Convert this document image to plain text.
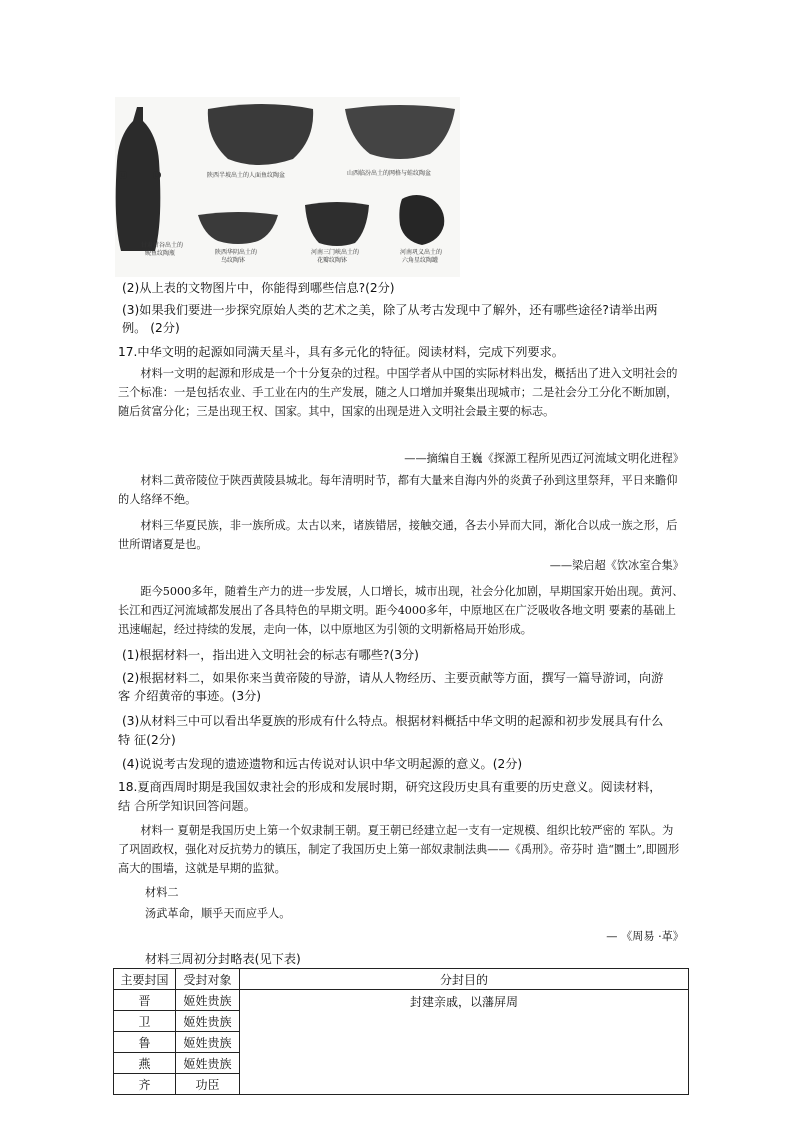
甘肃甘谷出土的鲵鱼纹陶瓶
陕西半坡出土的人面鱼纹陶盆	山西临汾出土的网格与蛙纹陶盆
陕西华阴出土的鸟纹陶钵
河南三门峡出土的花瓣纹陶钵
河南巩义出土的六角星纹陶罐
(2)从上表的文物图片中，你能得到哪些信息?(2分)
(3)如果我们要进一步探究原始人类的艺术之美，除了从考古发现中了解外，还有哪些途径?请举出两
例。 (2分)
17.中华文明的起源如同满天星斗，具有多元化的特征。阅读材料，完成下列要求。
材料一文明的起源和形成是一个十分复杂的过程。中国学者从中国的实际材料出发，概括出了进入文明社会的三个标准：一是包括农业、手工业在内的生产发展，随之人口增加并聚集出现城市；二是社会分工分化不断加剧，随后贫富分化；三是出现王权、国家。其中，国家的出现是进入文明社会最主要的标志。
——摘编自王巍《探源工程所见西辽河流域文明化进程》
材料二黄帝陵位于陕西黄陵县城北。每年清明时节，都有大量来自海内外的炎黄子孙到这里祭拜，平日来瞻仰的人络绎不绝。
材料三华夏民族，非一族所成。太古以来，诸族错居，接触交通，各去小异而大同，渐化合以成一族之形，后世所谓诸夏是也。
——梁启超《饮冰室合集》
距今5000多年，随着生产力的进一步发展，人口增长，城市出现，社会分化加剧，早期国家开始出现。黄河、长江和西辽河流域都发展出了各具特色的早期文明。距今4000多年，中原地区在广泛吸收各地文明 要素的基础上迅速崛起，经过持续的发展，走向一体，以中原地区为引领的文明新格局开始形成。
(1)根据材料一，指出进入文明社会的标志有哪些?(3分)
(2)根据材料二，如果你来当黄帝陵的导游，请从人物经历、主要贡献等方面，撰写一篇导游词，向游
客 介绍黄帝的事迹。(3分)
(3)从材料三中可以看出华夏族的形成有什么特点。根据材料概括中华文明的起源和初步发展具有什么
特 征(2分)
(4)说说考古发现的遗迹遗物和远古传说对认识中华文明起源的意义。(2分)
18.夏商西周时期是我国奴隶社会的形成和发展时期，研究这段历史具有重要的历史意义。阅读材料，
结 合所学知识回答问题。
材料一 夏朝是我国历史上第一个奴隶制王朝。夏王朝已经建立起一支有一定规模、组织比较严密的 军队。为了巩固政权，强化对反抗势力的镇压，制定了我国历史上第一部奴隶制法典——《禹刑》。帝芬时 造“圜土”,即圆形高大的围墙，这就是早期的监狱。
材料二
汤武革命，顺乎天而应乎人。
— 《周易 ·革》
材料三周初分封略表(见下表)
主要封国	受封对象	分封目的
晋	姬姓贵族	封建亲戚，以藩屏周
卫	姬姓贵族	
鲁	姬姓贵族	
燕	姬姓贵族	
齐	功臣	
